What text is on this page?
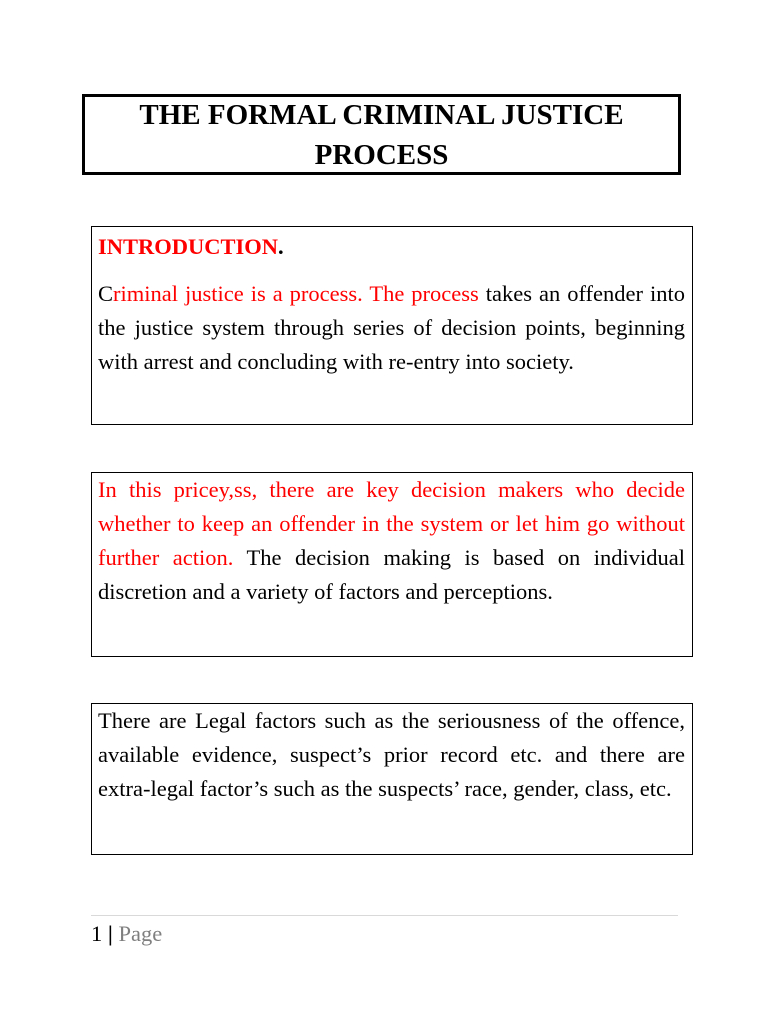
THE FORMAL CRIMINAL JUSTICE
PROCESS

INTRODUCTION.

Criminal justice is a process. The process takes an offender into the justice system through series of decision points, beginning with arrest and concluding with re-entry into society.

In this pricey,ss, there are key decision makers who decide whether to keep an offender in the system or let him go without further action. The decision making is based on individual discretion and a variety of factors and perceptions.

There are Legal factors such as the seriousness of the offence, available evidence, suspect’s prior record etc. and there are extra-legal factor’s such as the suspects’ race, gender, class, etc.

1 | Page
